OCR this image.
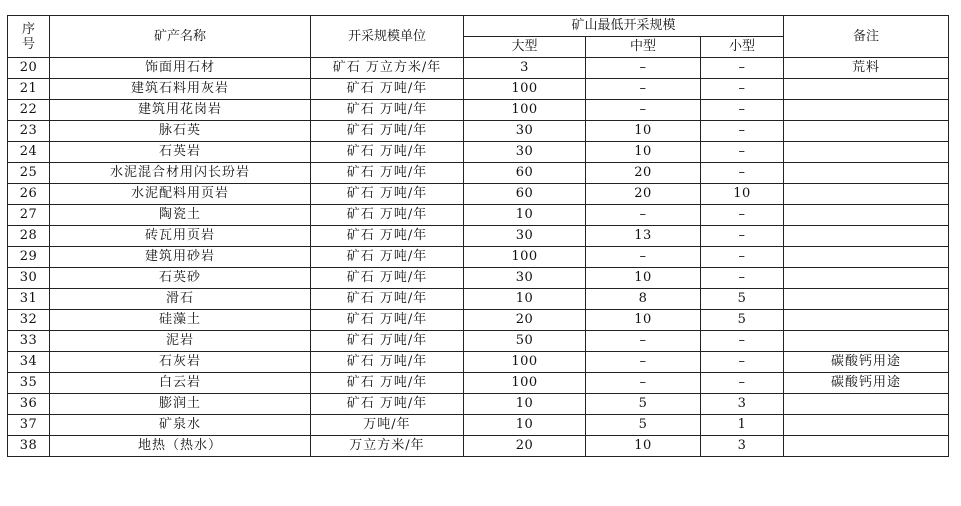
序
号	矿产名称	开采规模单位	矿山最低开采规模			备注
			大型	中型	小型	
20	饰面用石材	矿石 万立方米/年	3	–	–	荒料
21	建筑石料用灰岩	矿石 万吨/年	100	–	–	
22	建筑用花岗岩	矿石 万吨/年	100	–	–	
23	脉石英	矿石 万吨/年	30	10	–	
24	石英岩	矿石 万吨/年	30	10	–	
25	水泥混合材用闪长玢岩	矿石 万吨/年	60	20	–	
26	水泥配料用页岩	矿石 万吨/年	60	20	10	
27	陶瓷土	矿石 万吨/年	10	–	–	
28	砖瓦用页岩	矿石 万吨/年	30	13	–	
29	建筑用砂岩	矿石 万吨/年	100	–	–	
30	石英砂	矿石 万吨/年	30	10	–	
31	滑石	矿石 万吨/年	10	8	5	
32	硅藻土	矿石 万吨/年	20	10	5	
33	泥岩	矿石 万吨/年	50	–	–	
34	石灰岩	矿石 万吨/年	100	–	–	碳酸钙用途
35	白云岩	矿石 万吨/年	100	–	–	碳酸钙用途
36	膨润土	矿石 万吨/年	10	5	3	
37	矿泉水	万吨/年	10	5	1	
38	地热（热水）	万立方米/年	20	10	3	
